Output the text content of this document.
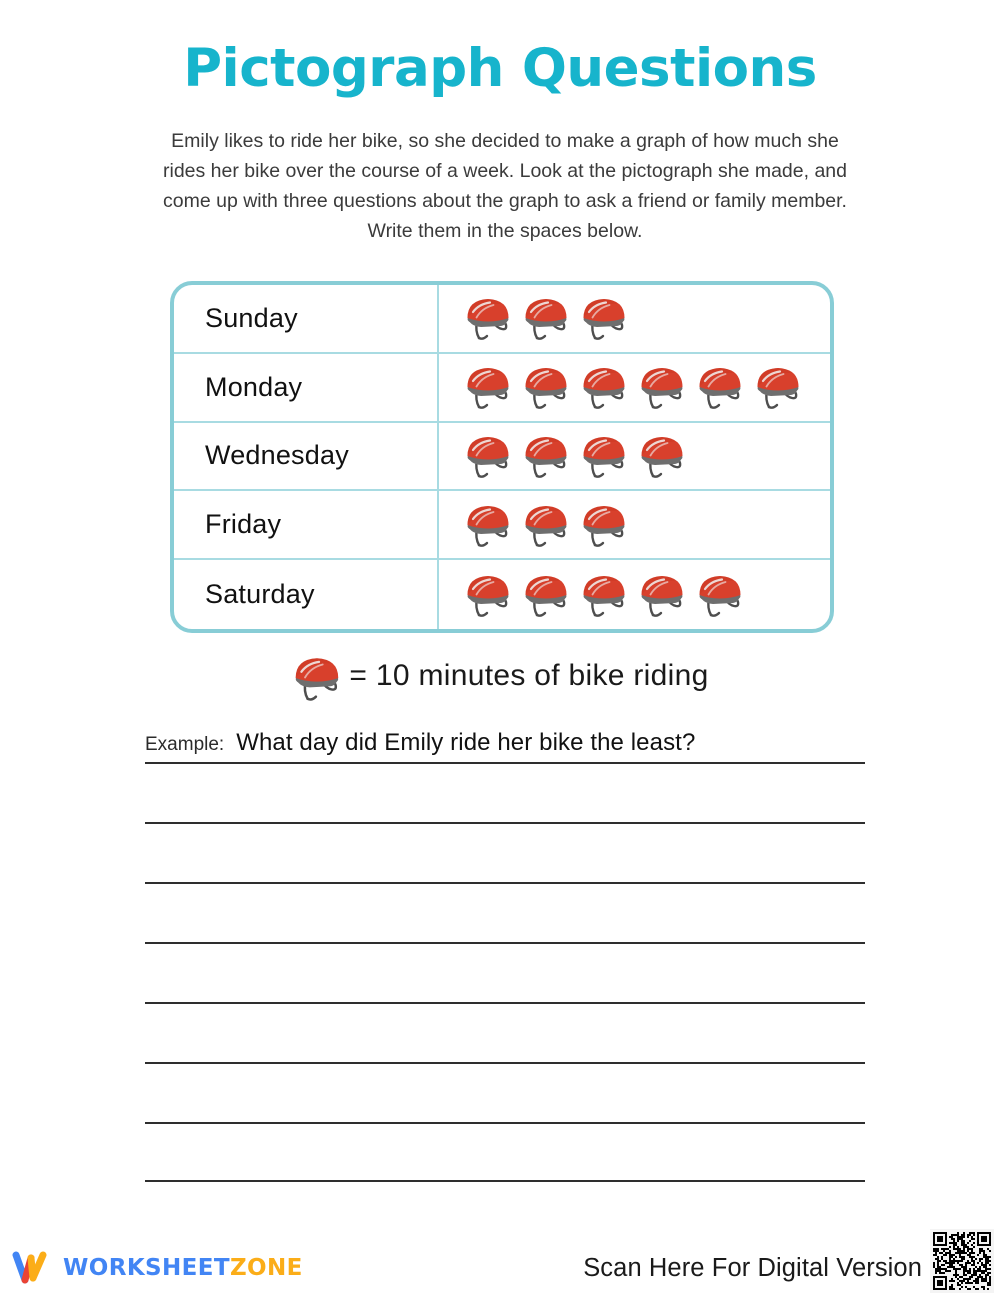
Pictograph Questions
Emily likes to ride her bike, so she decided to make a graph of how much she rides her bike over the course of a week. Look at the pictograph she made, and come up with three questions about the graph to ask a friend or family member. Write them in the spaces below.
Sunday
Monday
Wednesday
Friday
Saturday
= 10 minutes of bike riding
Example: What day did Emily ride her bike the least?
WORKSHEETZONE	Scan Here For Digital Version
